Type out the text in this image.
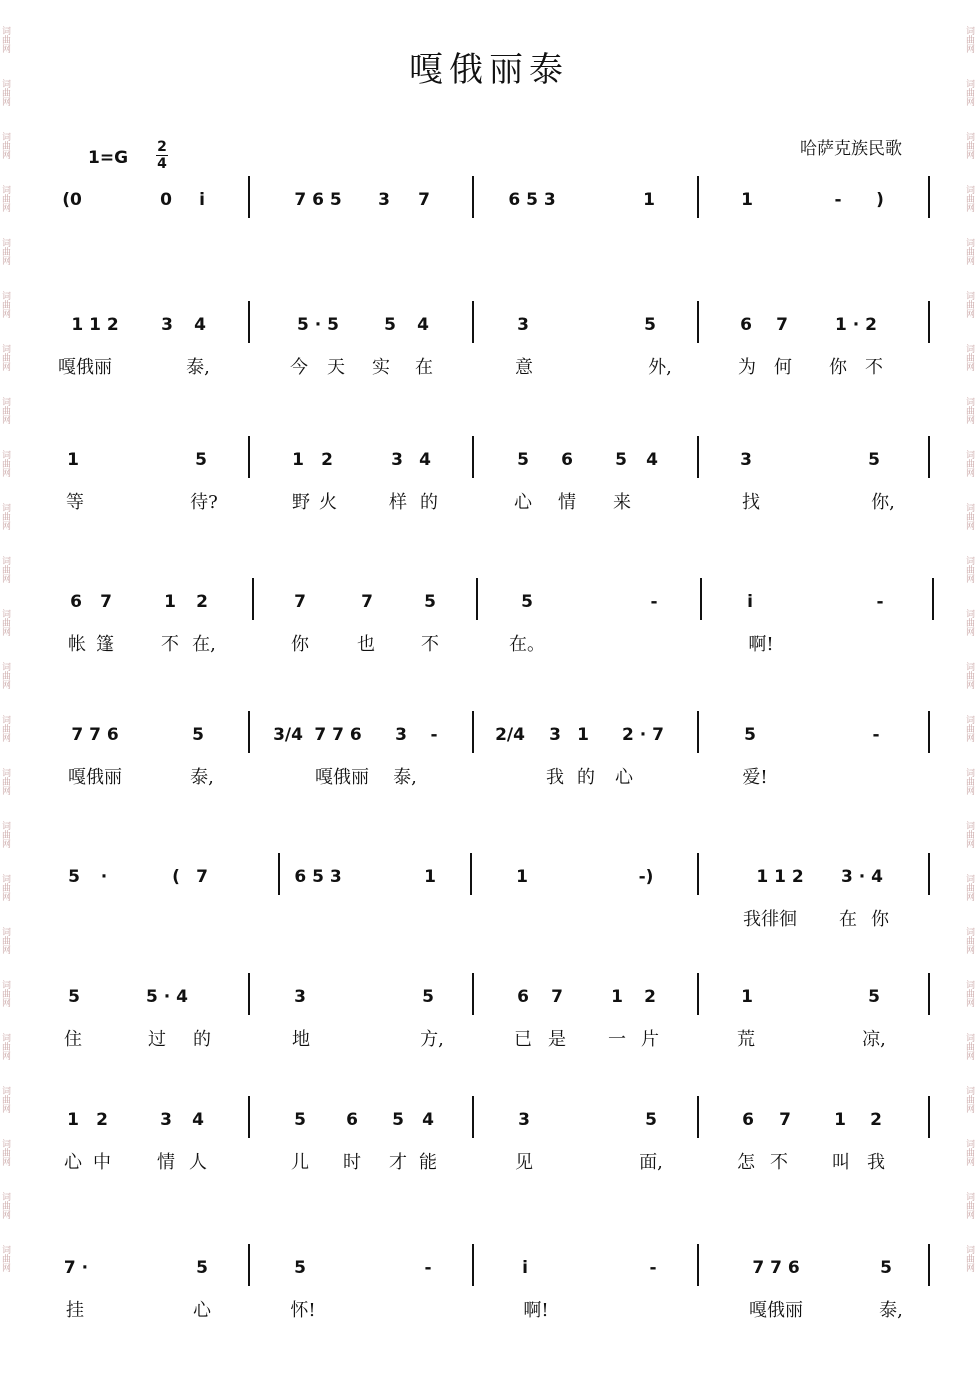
词曲网
词曲网
词曲网
词曲网
词曲网
词曲网
词曲网
词曲网
词曲网
词曲网
词曲网
词曲网
词曲网
词曲网
词曲网
词曲网
词曲网
词曲网
词曲网
词曲网
词曲网
词曲网
词曲网
词曲网
词曲网
词曲网
词曲网
词曲网
词曲网
词曲网
词曲网
词曲网
词曲网
词曲网
词曲网
词曲网
词曲网
词曲网
词曲网
词曲网
词曲网
词曲网
词曲网
词曲网
词曲网
词曲网
词曲网
词曲网
嘎俄丽泰
1=G
2
4
哈萨克族民歌
(0	0 i	7 6 5 3 7	6 5 3	1	1	- )
1 1 2 3 4	5 · 5	5 4	3	5	6 7	1 · 2
嘎俄丽	泰,	今 天 实 在	意	外,	为 何 你 不
1	5	1 2	3 4	5 6 5 4	3	5
等	待?	野 火	样 的	心 情 来	找	你,
6 7	1 2	7	7	5	5	-	i	-
帐 篷	不 在,	你	也	不	在。	啊!
7 7 6	5	3/4 7 7 6 3 -	2/4 3 1 2 · 7	5	-
嘎俄丽	泰,	嘎俄丽 泰,	我 的 心	爱!
5 ·	( 7	6 5 3	1	1	-)	1 1 2 3 · 4
我徘徊 在 你
5	5 · 4	3	5	6 7	1 2	1	5
住	过 的	地	方,	已 是 一 片	荒	凉,
1 2	3 4	5 6 5 4	3	5	6 7	1 2
心 中	情 人	儿 时 才 能	见	面,	怎 不 叫 我
7 ·	5	5	-	i	-	7 7 6	5
挂	心	怀!	啊!	嘎俄丽	泰,
